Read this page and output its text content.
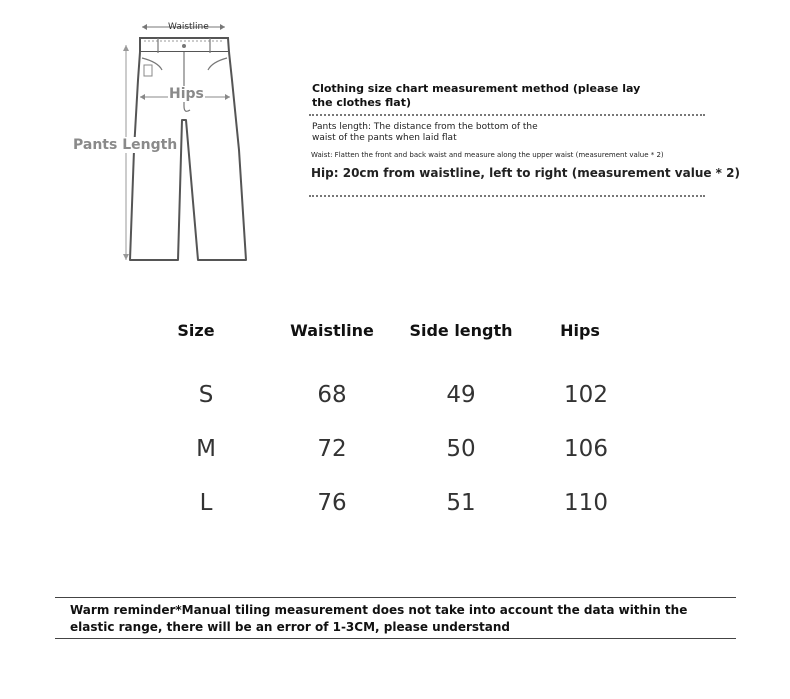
Waistline
Hips
Pants Length
Clothing size chart measurement method (please lay the clothes flat)
Pants length: The distance from the bottom of the waist of the pants when laid flat
Waist: Flatten the front and back waist and measure along the upper waist (measurement value * 2)
Hip: 20cm from waistline, left to right (measurement value * 2)
Size	Waistline	Side length	Hips
S	68	49	102
M	72	50	106
L	76	51	110
Warm reminder*Manual tiling measurement does not take into account the data within the elastic range, there will be an error of 1-3CM, please understand
